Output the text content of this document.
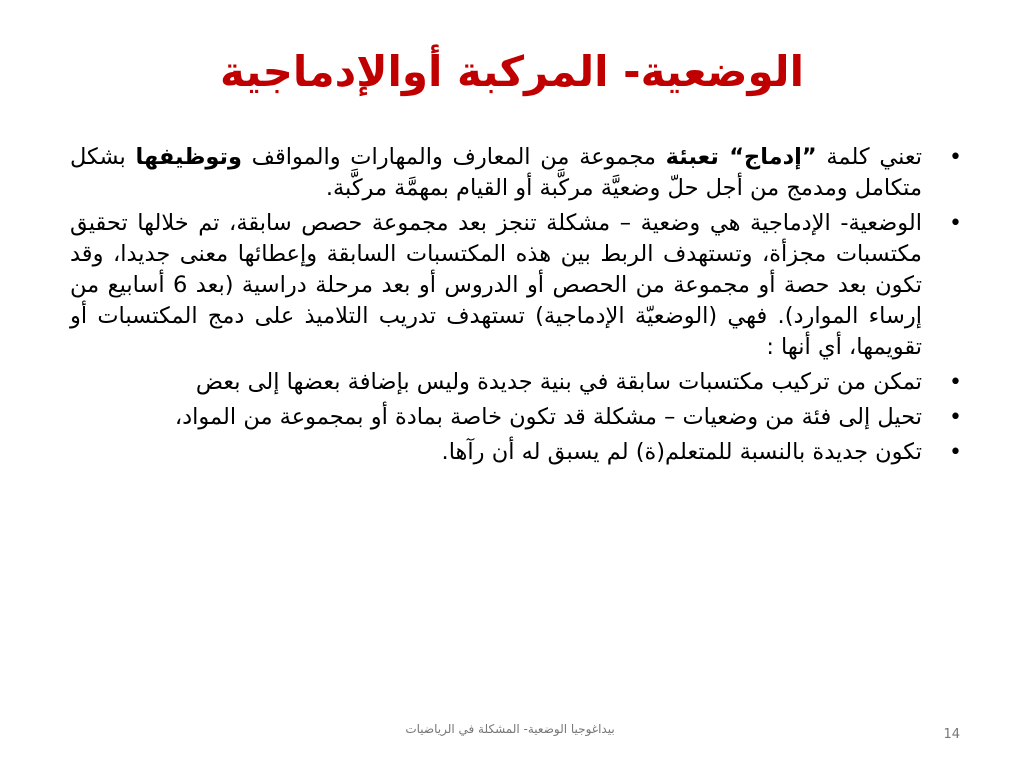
الوضعية- المركبة أوالإدماجية
•
تعني كلمة ”إدماج“ تعبئة مجموعة من المعارف والمهارات والمواقف وتوظيفها بشكل متكامل ومدمج من أجل حلّ وضعيَّة مركَّبة أو القيام بمهمَّة مركَّبة.
•
الوضعية- الإدماجية هي وضعية – مشكلة تنجز بعد مجموعة حصص سابقة، تم خلالها تحقيق مكتسبات مجزأة، وتستهدف الربط بين هذه المكتسبات السابقة وإعطائها معنى جديدا، وقد تكون بعد حصة أو مجموعة من الحصص أو الدروس أو بعد مرحلة دراسية (بعد 6 أسابيع من إرساء الموارد). فهي (الوضعيّة الإدماجية) تستهدف تدريب التلاميذ على دمج المكتسبات أو تقويمها، أي أنها :
•
تمكن من تركيب مكتسبات سابقة في بنية جديدة وليس بإضافة بعضها إلى بعض
•
تحيل إلى فئة من وضعيات – مشكلة قد تكون خاصة بمادة أو بمجموعة من المواد،
•
تكون جديدة بالنسبة للمتعلم(ة) لم يسبق له أن رآها.
بيداغوجيا الوضعية- المشكلة في الرياضيات	14
